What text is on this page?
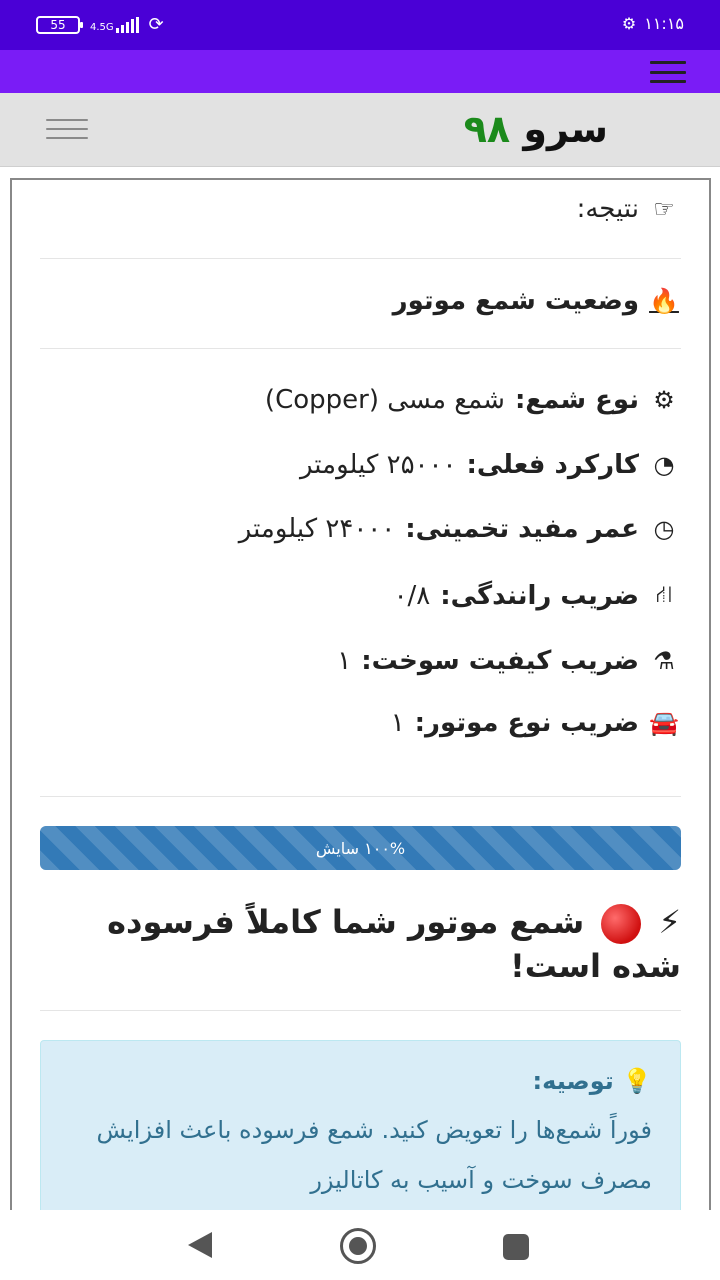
55 4.5G ⟳	⚙ ۱۱:۱۵
سرو ۹۸
☞
نتیجه:
🔥
وضعیت شمع موتور
⚙
نوع شمع:
شمع مسی (Copper)
◔
کارکرد فعلی:
۲۵۰۰۰ کیلومتر
◷
عمر مفید تخمینی:
۲۴۰۰۰ کیلومتر
⛙
ضریب رانندگی:
۰/۸
⚗
ضریب کیفیت سوخت:
۱
🚘
ضریب نوع موتور:
۱
۱۰۰% سایش
⚡  شمع موتور شما کاملاً فرسوده شده است!
💡 توصیه:
فوراً شمع‌ها را تعویض کنید. شمع فرسوده باعث افزایش مصرف سوخت و آسیب به کاتالیزر
